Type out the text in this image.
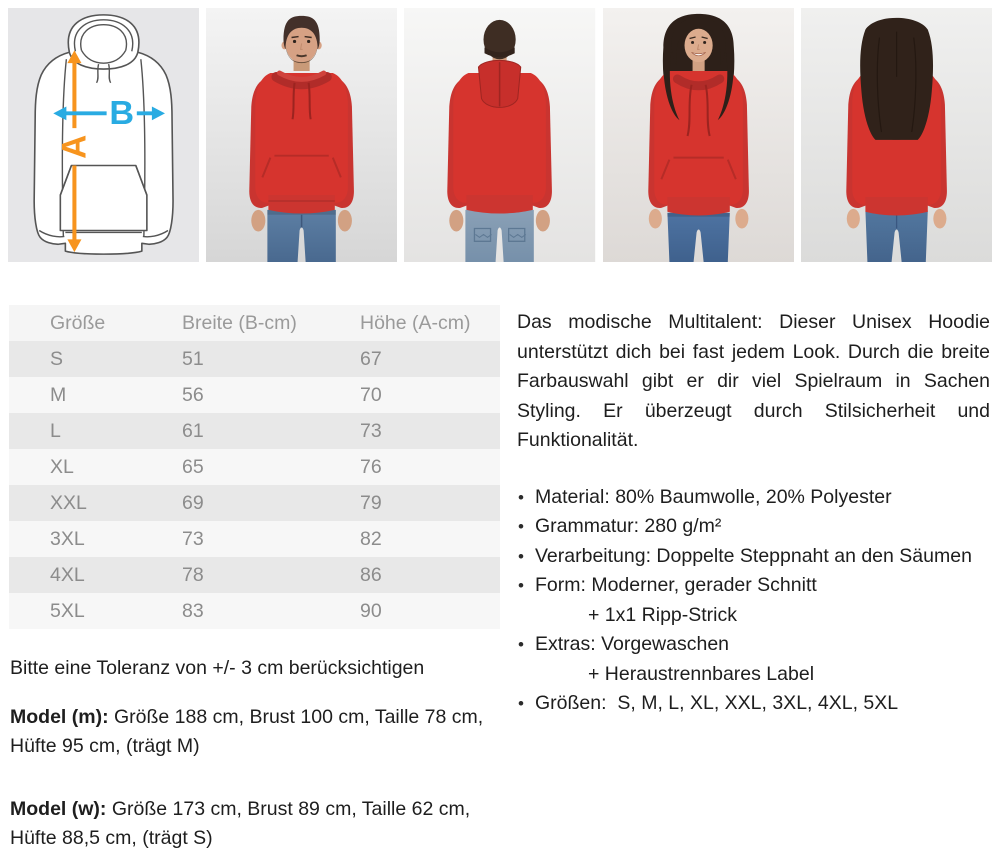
A
B
Größe	Breite (B-cm)	Höhe (A-cm)
S	51	67
M	56	70
L	61	73
XL	65	76
XXL	69	79
3XL	73	82
4XL	78	86
5XL	83	90

Bitte eine Toleranz von +/- 3 cm berücksichtigen

Model (m): Größe 188 cm, Brust 100 cm, Taille 78 cm, Hüfte 95 cm, (trägt M)

Model (w): Größe 173 cm, Brust 89 cm, Taille 62 cm, Hüfte 88,5 cm, (trägt S)

Das modische Multitalent: Dieser Unisex Hoodie unterstützt dich bei fast jedem Look. Durch die breite Farbauswahl gibt er dir viel Spielraum in Sachen Styling. Er überzeugt durch Stilsicherheit und Funktionalität.

• Material: 80% Baumwolle, 20% Polyester
• Grammatur: 280 g/m²
• Verarbeitung: Doppelte Steppnaht an den Säumen
• Form: Moderner, gerader Schnitt
+ 1x1 Ripp-Strick
• Extras: Vorgewaschen
+ Heraustrennbares Label
• Größen:  S, M, L, XL, XXL, 3XL, 4XL, 5XL
